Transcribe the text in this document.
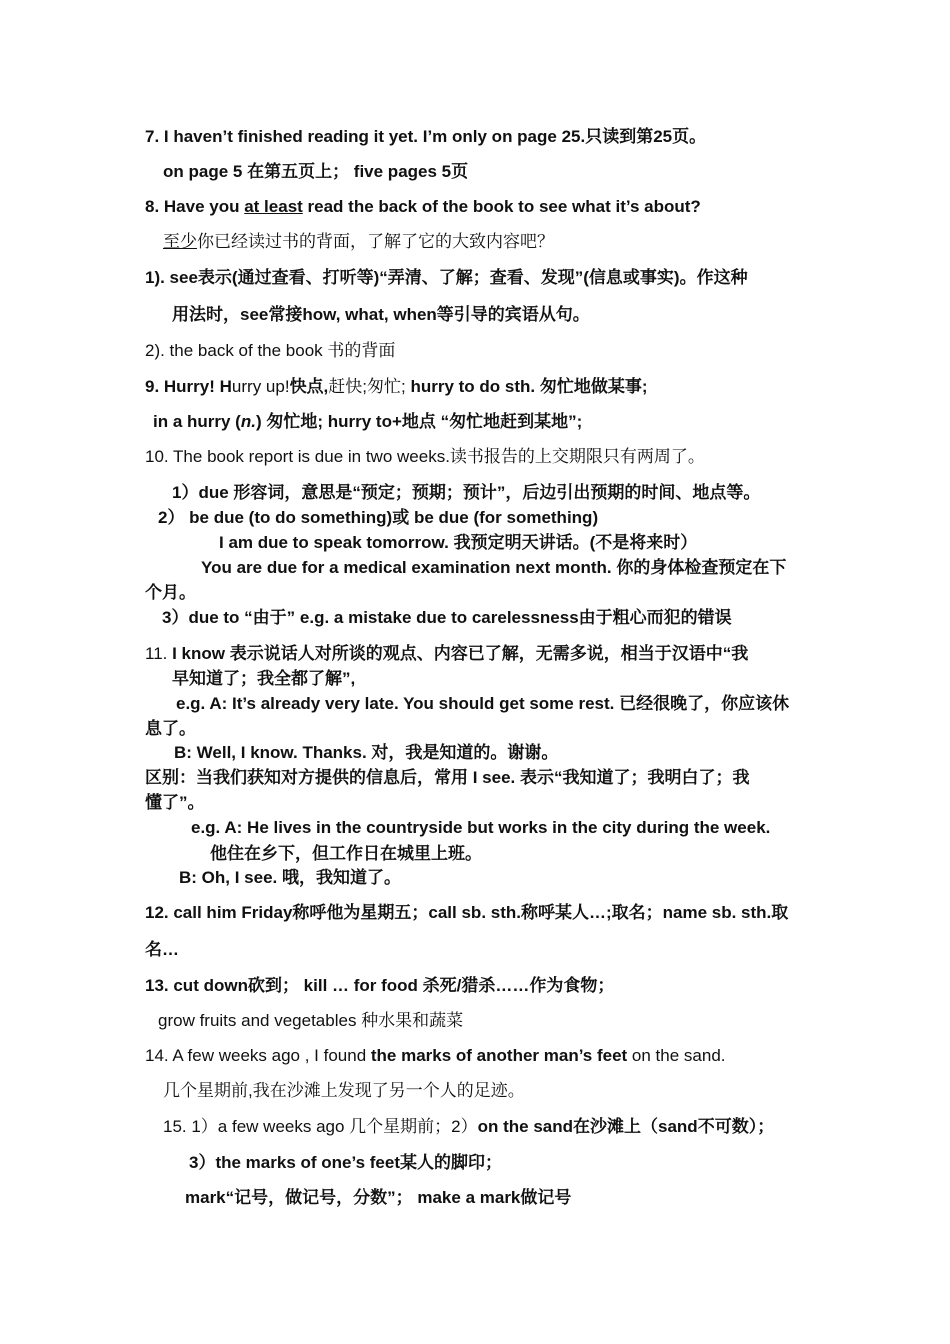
7. I haven’t finished reading it yet. I’m only on page 25.只读到第25页。
on page 5 在第五页上； five pages 5页
8. Have you at least read the back of the book to see what it’s about?
至少你已经读过书的背面，了解了它的大致内容吧？
1). see表示(通过查看、打听等)“弄清、了解；查看、发现”(信息或事实)。作这种
用法时，see常接how, what, when等引导的宾语从句。
2). the back of the book 书的背面
9. Hurry! Hurry up!快点,赶快;匆忙; hurry to do sth. 匆忙地做某事;
in a hurry (n.) 匆忙地; hurry to+地点 “匆忙地赶到某地”;
10. The book report is due in two weeks.读书报告的上交期限只有两周了。
1）due 形容词，意思是“预定；预期；预计”，后边引出预期的时间、地点等。
2） be due (to do something)或 be due (for something)
I am due to speak tomorrow. 我预定明天讲话。(不是将来时）
You are due for a medical examination next month. 你的身体检查预定在下
个月。
3）due to “由于” e.g. a mistake due to carelessness由于粗心而犯的错误
11. I know 表示说话人对所谈的观点、内容已了解，无需多说，相当于汉语中“我
早知道了；我全都了解”,
e.g. A: It’s already very late. You should get some rest. 已经很晚了，你应该休
息了。
B: Well, I know. Thanks. 对，我是知道的。谢谢。
区别：当我们获知对方提供的信息后，常用 I see. 表示“我知道了；我明白了；我
懂了”。
e.g. A: He lives in the countryside but works in the city during the week.
他住在乡下，但工作日在城里上班。
B: Oh, I see. 哦，我知道了。
12. call him Friday称呼他为星期五；call sb. sth.称呼某人…;取名；name sb. sth.取
名…
13. cut down砍到； kill … for food 杀死/猎杀……作为食物；
grow fruits and vegetables 种水果和蔬菜
14. A few weeks ago , I found the marks of another man’s feet on the sand.
几个星期前,我在沙滩上发现了另一个人的足迹。
15. 1）a few weeks ago 几个星期前；2）on the sand在沙滩上（sand不可数）；
3）the marks of one’s feet某人的脚印；
mark“记号，做记号，分数”； make a mark做记号
